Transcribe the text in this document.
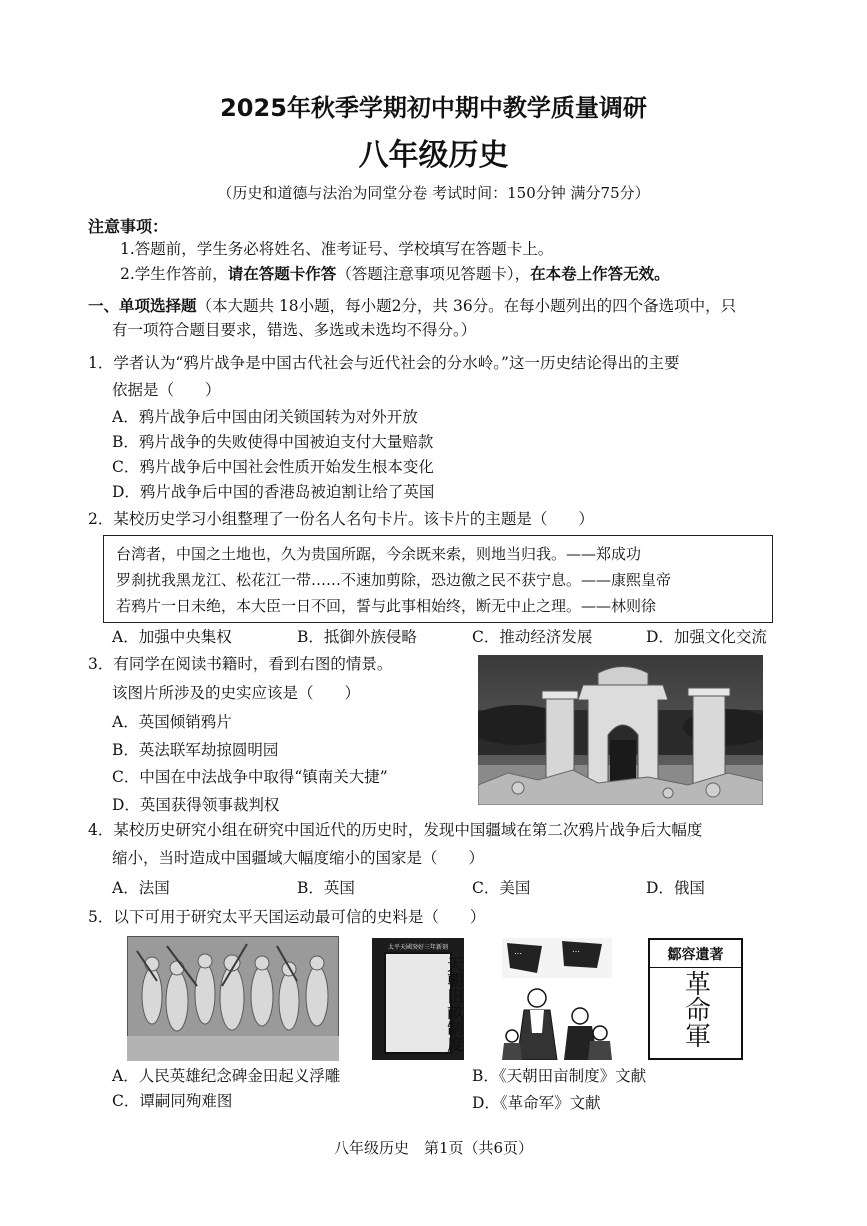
2025年秋季学期初中期中教学质量调研
八年级历史
（历史和道德与法治为同堂分卷 考试时间：150分钟 满分75分）
注意事项：
1.答题前，学生务必将姓名、准考证号、学校填写在答题卡上。
2.学生作答前，请在答题卡作答（答题注意事项见答题卡），在本卷上作答无效。
一、单项选择题（本大题共 18小题，每小题2分，共 36分。在每小题列出的四个备选项中，只
有一项符合题目要求，错选、多选或未选均不得分。）
1．学者认为“鸦片战争是中国古代社会与近代社会的分水岭。”这一历史结论得出的主要
依据是（　　）
A．鸦片战争后中国由闭关锁国转为对外开放
B．鸦片战争的失败使得中国被迫支付大量赔款
C．鸦片战争后中国社会性质开始发生根本变化
D．鸦片战争后中国的香港岛被迫割让给了英国
2．某校历史学习小组整理了一份名人名句卡片。该卡片的主题是（　　）
台湾者，中国之土地也，久为贵国所踞，今余既来索，则地当归我。——郑成功
罗刹扰我黑龙江、松花江一带……不速加剪除，恐边徼之民不获宁息。——康熙皇帝
若鸦片一日未绝，本大臣一日不回，誓与此事相始终，断无中止之理。——林则徐
A．加强中央集权	B．抵御外族侵略	C．推动经济发展	D．加强文化交流
3．有同学在阅读书籍时，看到右图的情景。
该图片所涉及的史实应该是（　　）
A．英国倾销鸦片
B．英法联军劫掠圆明园
C．中国在中法战争中取得“镇南关大捷”
D．英国获得领事裁判权
4．某校历史研究小组在研究中国近代的历史时，发现中国疆域在第二次鸦片战争后大幅度
缩小，当时造成中国疆域大幅度缩小的国家是（　　）
A．法国	B．英国	C．美国	D．俄国
5．以下可用于研究太平天国运动最可信的史料是（　　）
太平天國癸好三年新刻
天朝田畝制度
⋯	⋯	鄒容遺著
革命軍
A．人民英雄纪念碑金田起义浮雕	B．《天朝田亩制度》文献
C．谭嗣同殉难图	D．《革命军》文献
八年级历史　第1页（共6页）
